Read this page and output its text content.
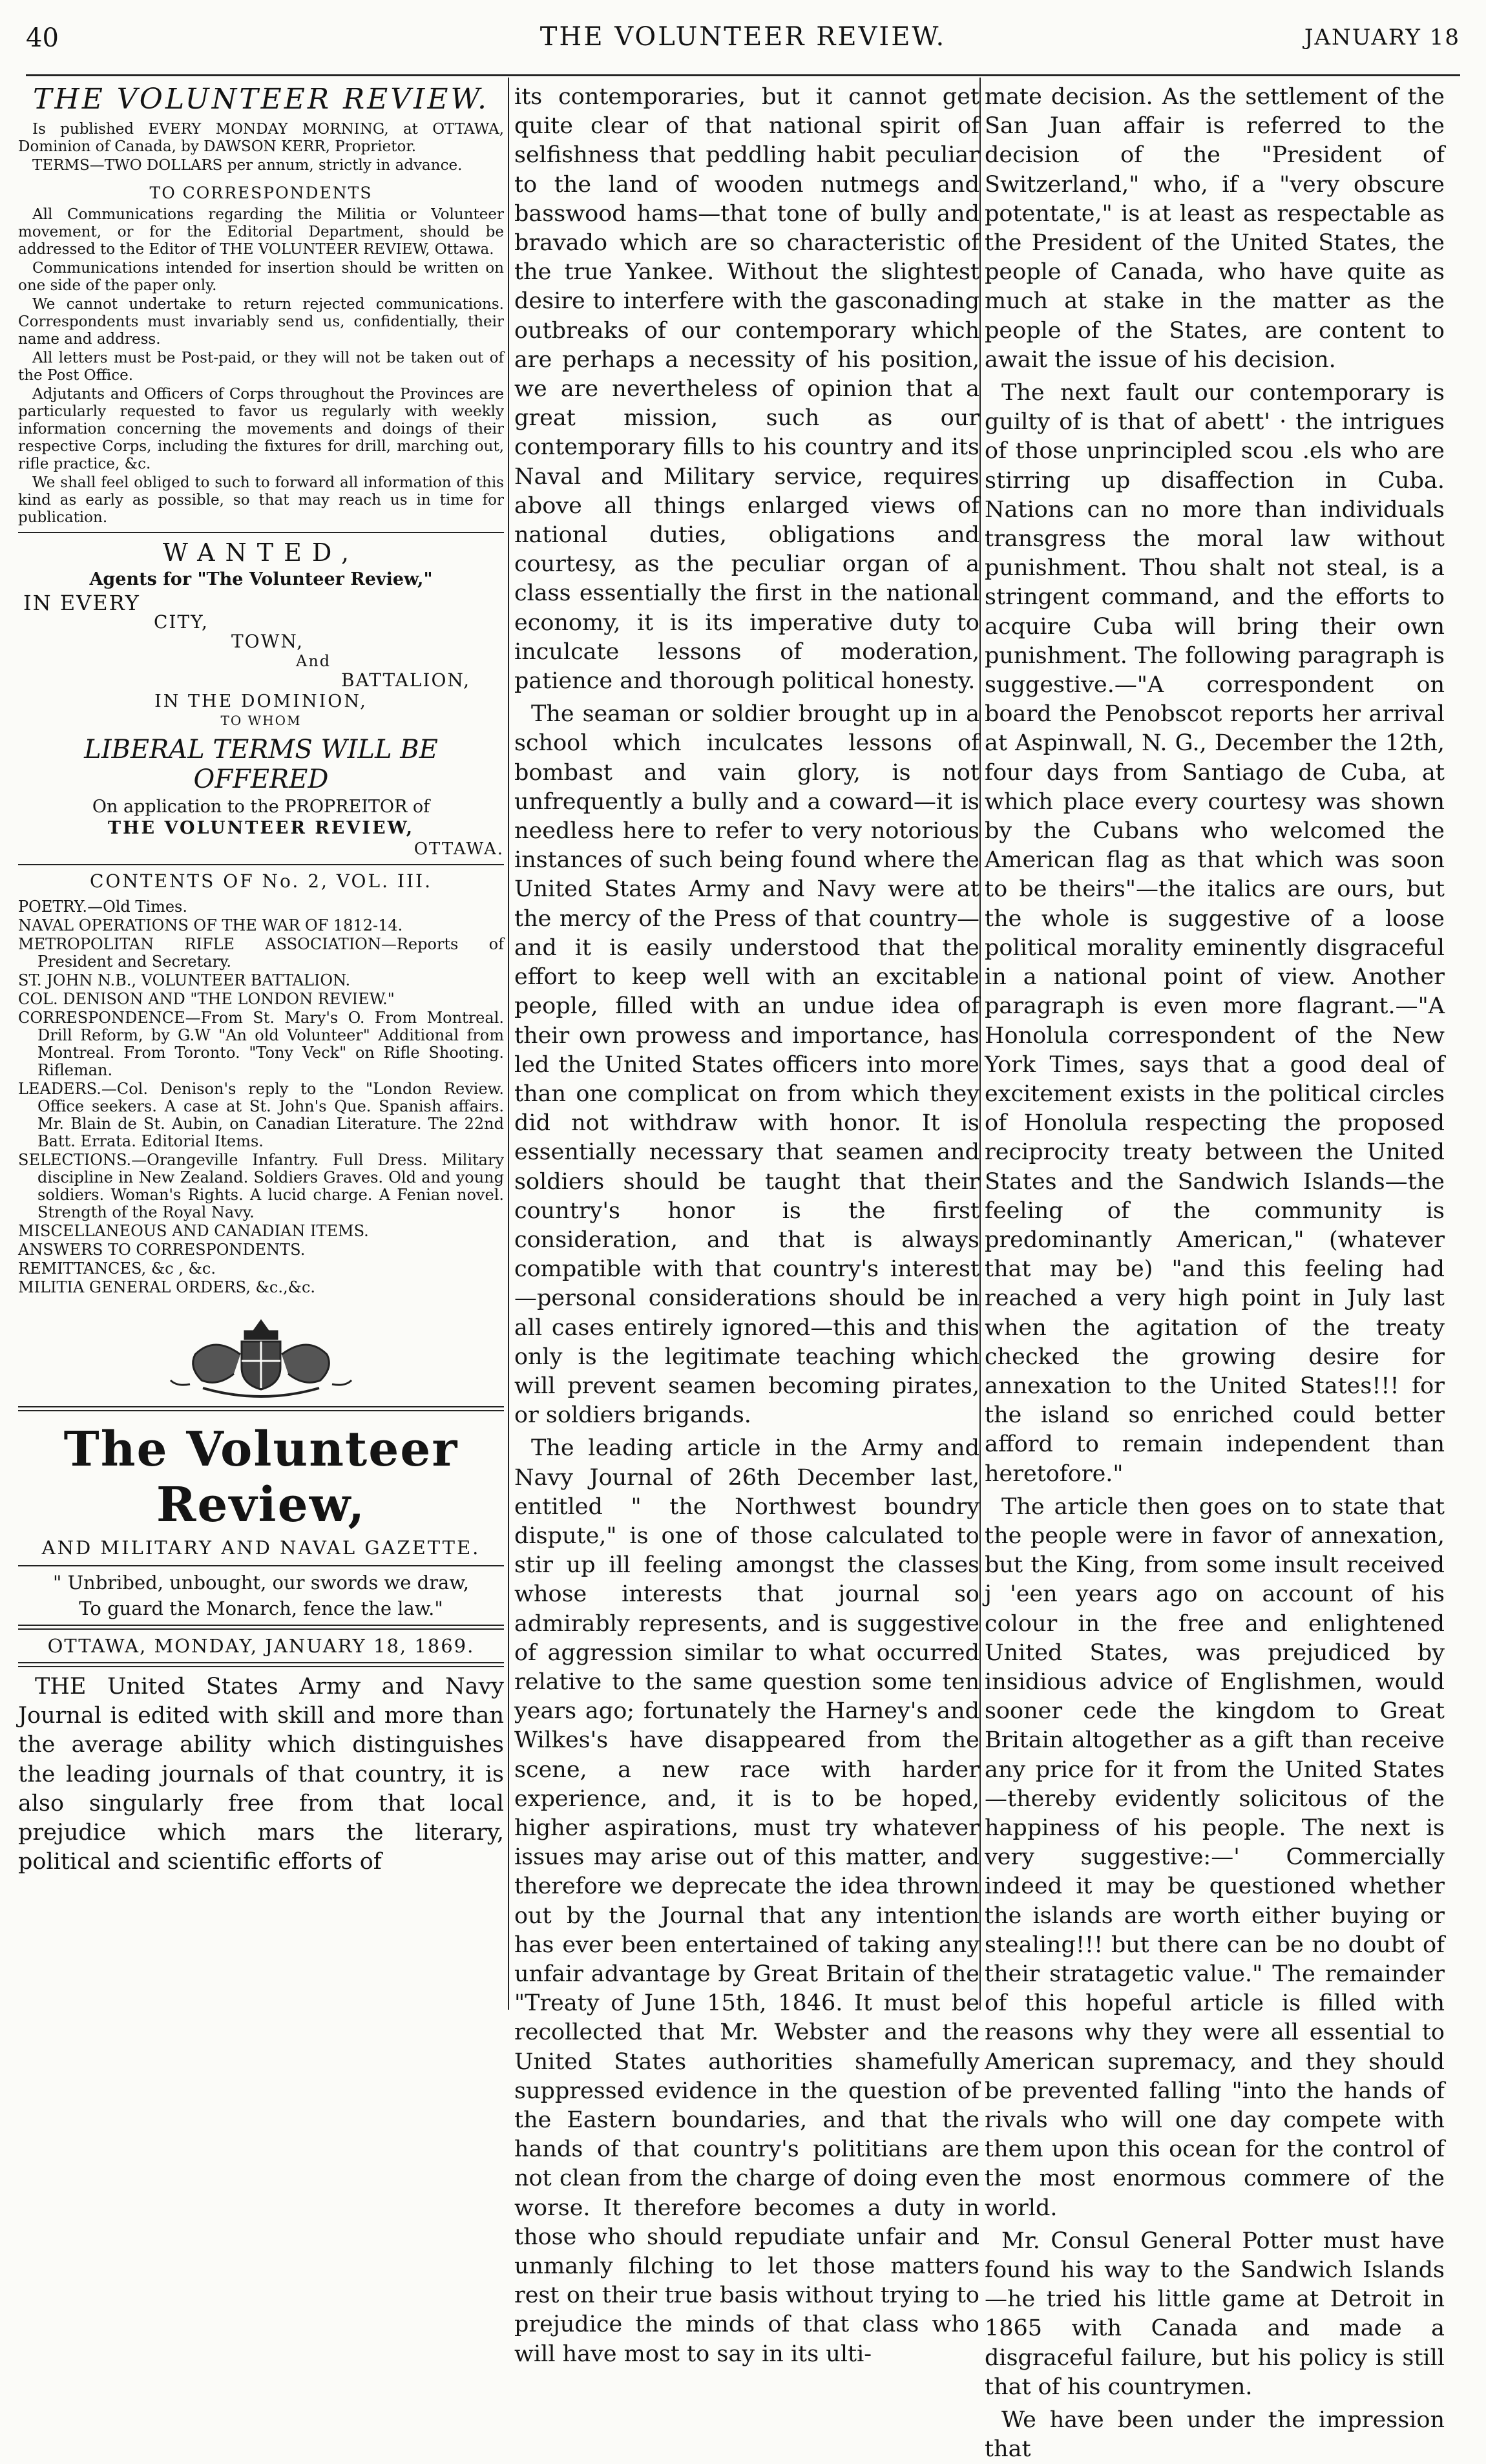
40	THE VOLUNTEER REVIEW.	JANUARY 18
THE VOLUNTEER REVIEW.

Is published EVERY MONDAY MORNING, at OTTAWA, Dominion of Canada, by DAWSON KERR, Proprietor.

TERMS—TWO DOLLARS per annum, strictly in advance.

TO CORRESPONDENTS

All Communications regarding the Militia or Volunteer movement, or for the Editorial Department, should be addressed to the Editor of THE VOLUNTEER REVIEW, Ottawa.

Communications intended for insertion should be written on one side of the paper only.

We cannot undertake to return rejected communications. Correspondents must invariably send us, confidentially, their name and address.

All letters must be Post-paid, or they will not be taken out of the Post Office.

Adjutants and Officers of Corps throughout the Provinces are particularly requested to favor us regularly with weekly information concerning the movements and doings of their respective Corps, including the fixtures for drill, marching out, rifle practice, &c.

We shall feel obliged to such to forward all information of this kind as early as possible, so that may reach us in time for publication.

WANTED,
Agents for "The Volunteer Review,"
IN EVERY
CITY,
TOWN,
And
BATTALION,
IN THE DOMINION,
TO WHOM
LIBERAL TERMS WILL BE OFFERED
On application to the PROPREITOR of
THE VOLUNTEER REVIEW,
OTTAWA.
CONTENTS OF No. 2, VOL. III.

POETRY.—Old Times.

NAVAL OPERATIONS OF THE WAR OF 1812-14.

METROPOLITAN RIFLE ASSOCIATION—Reports of President and Secretary.

ST. JOHN N.B., VOLUNTEER BATTALION.

COL. DENISON AND "THE LONDON REVIEW."

CORRESPONDENCE—From St. Mary's O. From Montreal. Drill Reform, by G.W "An old Volunteer" Additional from Montreal. From Toronto. "Tony Veck" on Rifle Shooting. Rifleman.

LEADERS.—Col. Denison's reply to the "London Review. Office seekers. A case at St. John's Que. Spanish affairs. Mr. Blain de St. Aubin, on Canadian Literature. The 22nd Batt. Errata. Editorial Items.

SELECTIONS.—Orangeville Infantry. Full Dress. Military discipline in New Zealand. Soldiers Graves. Old and young soldiers. Woman's Rights. A lucid charge. A Fenian novel. Strength of the Royal Navy.

MISCELLANEOUS AND CANADIAN ITEMS.

ANSWERS TO CORRESPONDENTS.

REMITTANCES, &c , &c.

MILITIA GENERAL ORDERS, &c.,&c.

The Volunteer Review,
AND MILITARY AND NAVAL GAZETTE.
" Unbribed, unbought, our swords we draw,
To guard the Monarch, fence the law."
OTTAWA, MONDAY, JANUARY 18, 1869.

THE United States Army and Navy Journal is edited with skill and more than the average ability which distinguishes the leading journals of that country, it is also singularly free from that local prejudice which mars the literary, political and scientific efforts of

its contemporaries, but it cannot get quite clear of that national spirit of selfishness that peddling habit peculiar to the land of wooden nutmegs and basswood hams—that tone of bully and bravado which are so characteristic of the true Yankee. Without the slightest desire to interfere with the gasconading outbreaks of our contemporary which are perhaps a necessity of his position, we are nevertheless of opinion that a great mission, such as our contemporary fills to his country and its Naval and Military service, requires above all things enlarged views of national duties, obligations and courtesy, as the peculiar organ of a class essentially the first in the national economy, it is its imperative duty to inculcate lessons of moderation, patience and thorough political honesty.

The seaman or soldier brought up in a school which inculcates lessons of bombast and vain glory, is not unfrequently a bully and a coward—it is needless here to refer to very notorious instances of such being found where the United States Army and Navy were at the mercy of the Press of that country—and it is easily understood that the effort to keep well with an excitable people, filled with an undue idea of their own prowess and importance, has led the United States officers into more than one complicat on from which they did not withdraw with honor. It is essentially necessary that seamen and soldiers should be taught that their country's honor is the first consideration, and that is always compatible with that country's interest—personal considerations should be in all cases entirely ignored—this and this only is the legitimate teaching which will prevent seamen becoming pirates, or soldiers brigands.

The leading article in the Army and Navy Journal of 26th December last, entitled " the Northwest boundry dispute," is one of those calculated to stir up ill feeling amongst the classes whose interests that journal so admirably represents, and is suggestive of aggression similar to what occurred relative to the same question some ten years ago; fortunately the Harney's and Wilkes's have disappeared from the scene, a new race with harder experience, and, it is to be hoped, higher aspirations, must try whatever issues may arise out of this matter, and therefore we deprecate the idea thrown out by the Journal that any intention has ever been entertained of taking any unfair advantage by Great Britain of the "Treaty of June 15th, 1846. It must be recollected that Mr. Webster and the United States authorities shamefully suppressed evidence in the question of the Eastern boundaries, and that the hands of that country's polititians are not clean from the charge of doing even worse. It therefore becomes a duty in those who should repudiate unfair and unmanly filching to let those matters rest on their true basis without trying to prejudice the minds of that class who will have most to say in its ulti-

mate decision. As the settlement of the San Juan affair is referred to the decision of the "President of Switzerland," who, if a "very obscure potentate," is at least as respectable as the President of the United States, the people of Canada, who have quite as much at stake in the matter as the people of the States, are content to await the issue of his decision.

The next fault our contemporary is guilty of is that of abett' · the intrigues of those unprincipled scou .els who are stirring up disaffection in Cuba. Nations can no more than individuals transgress the moral law without punishment. Thou shalt not steal, is a stringent command, and the efforts to acquire Cuba will bring their own punishment. The following paragraph is suggestive.—"A correspondent on board the Penobscot reports her arrival at Aspinwall, N. G., December the 12th, four days from Santiago de Cuba, at which place every courtesy was shown by the Cubans who welcomed the American flag as that which was soon to be theirs"—the italics are ours, but the whole is suggestive of a loose political morality eminently disgraceful in a national point of view. Another paragraph is even more flagrant.—"A Honolula correspondent of the New York Times, says that a good deal of excitement exists in the political circles of Honolula respecting the proposed reciprocity treaty between the United States and the Sandwich Islands—the feeling of the community is predominantly American," (whatever that may be) "and this feeling had reached a very high point in July last when the agitation of the treaty checked the growing desire for annexation to the United States!!! for the island so enriched could better afford to remain independent than heretofore."

The article then goes on to state that the people were in favor of annexation, but the King, from some insult received j 'een years ago on account of his colour in the free and enlightened United States, was prejudiced by insidious advice of Englishmen, would sooner cede the kingdom to Great Britain altogether as a gift than receive any price for it from the United States—thereby evidently solicitous of the happiness of his people. The next is very suggestive:—' Commercially indeed it may be questioned whether the islands are worth either buying or stealing!!! but there can be no doubt of their stratagetic value." The remainder of this hopeful article is filled with reasons why they were all essential to American supremacy, and they should be prevented falling "into the hands of rivals who will one day compete with them upon this ocean for the control of the most enormous commere of the world.

Mr. Consul General Potter must have found his way to the Sandwich Islands—he tried his little game at Detroit in 1865 with Canada and made a disgraceful failure, but his policy is still that of his countrymen.

We have been under the impression that
